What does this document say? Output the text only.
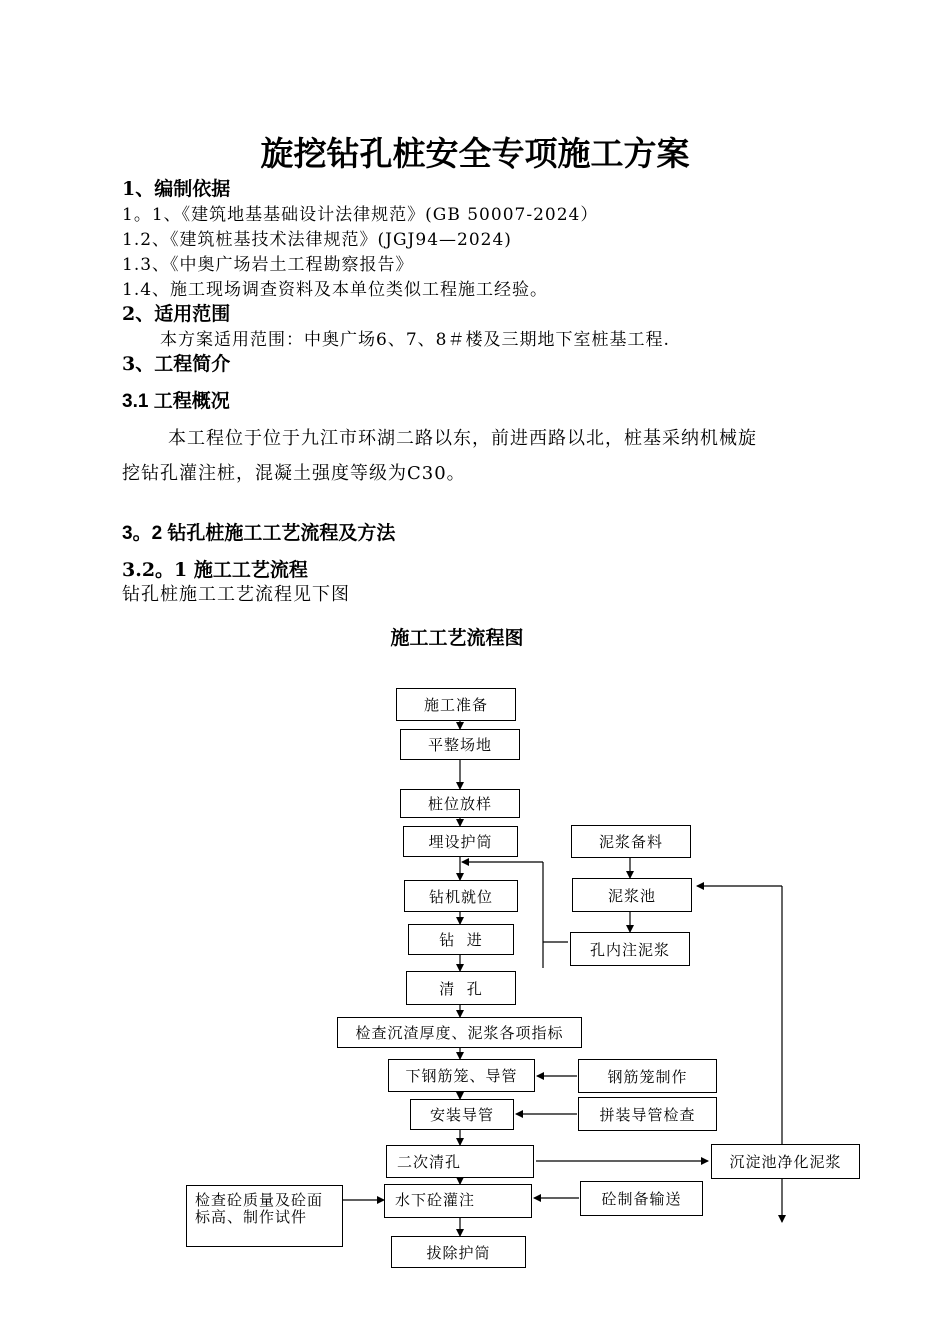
旋挖钻孔桩安全专项施工方案
1、编制依据
1。1、《建筑地基基础设计法律规范》(GB 50007-2024）
1.2、《建筑桩基技术法律规范》(JGJ94—2024)
1.3、《中奥广场岩土工程勘察报告》
1.4、施工现场调查资料及本单位类似工程施工经验。
2、适用范围
本方案适用范围：中奥广场6、7、8＃楼及三期地下室桩基工程.
3、工程简介
3.1 工程概况
本工程位于位于九江市环湖二路以东，前进西路以北，桩基采纳机械旋
挖钻孔灌注桩，混凝土强度等级为C30。
3。2 钻孔桩施工工艺流程及方法
3.2。1 施工工艺流程
钻孔桩施工工艺流程见下图
施工工艺流程图
施工准备
平整场地
桩位放样
埋设护筒
钻机就位
钻  进
清  孔
检查沉渣厚度、泥浆各项指标
下钢筋笼、导管
安装导管
二次清孔
水下砼灌注
拔除护筒
泥浆备料
泥浆池
孔内注泥浆
钢筋笼制作
拼装导管检查
沉淀池净化泥浆
砼制备输送
检查砼质量及砼面标高、制作试件
